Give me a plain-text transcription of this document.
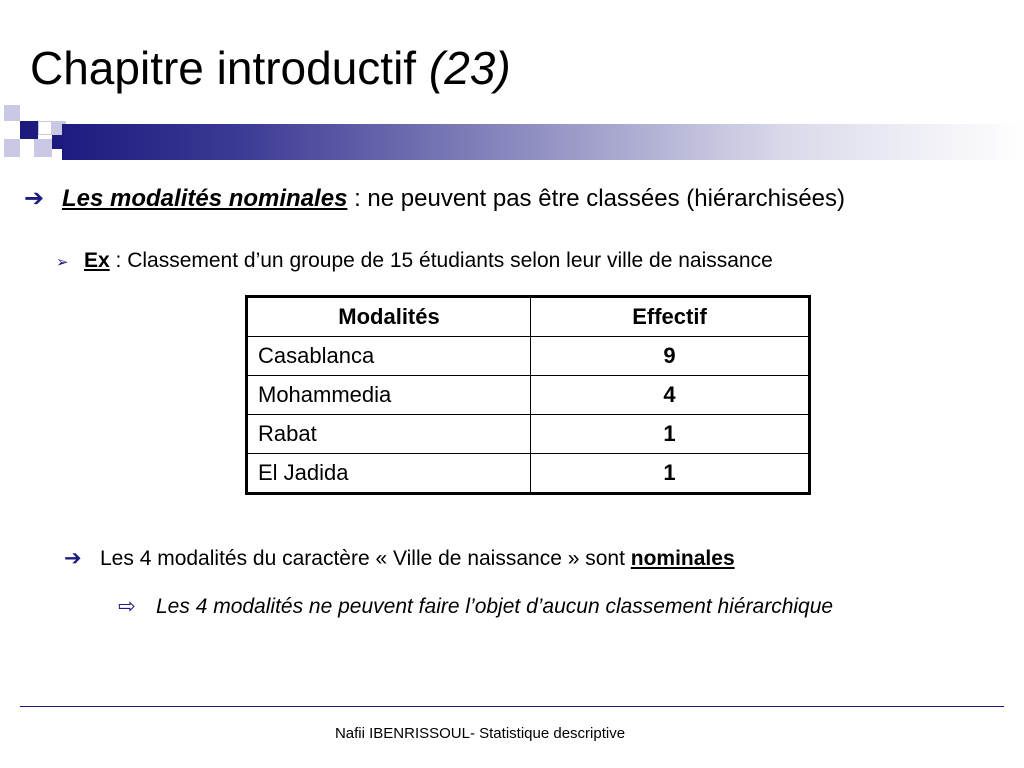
Chapitre introductif (23)
➔ Les modalités nominales : ne peuvent pas être classées (hiérarchisées)
➢ Ex : Classement d’un groupe de 15 étudiants selon leur ville de naissance
Modalités	Effectif
Casablanca	9
Mohammedia	4
Rabat	1
El Jadida	1
➔ Les 4 modalités du caractère « Ville de naissance » sont nominales
⇨ Les 4 modalités ne peuvent faire l’objet d’aucun classement hiérarchique
Nafii IBENRISSOUL- Statistique descriptive
